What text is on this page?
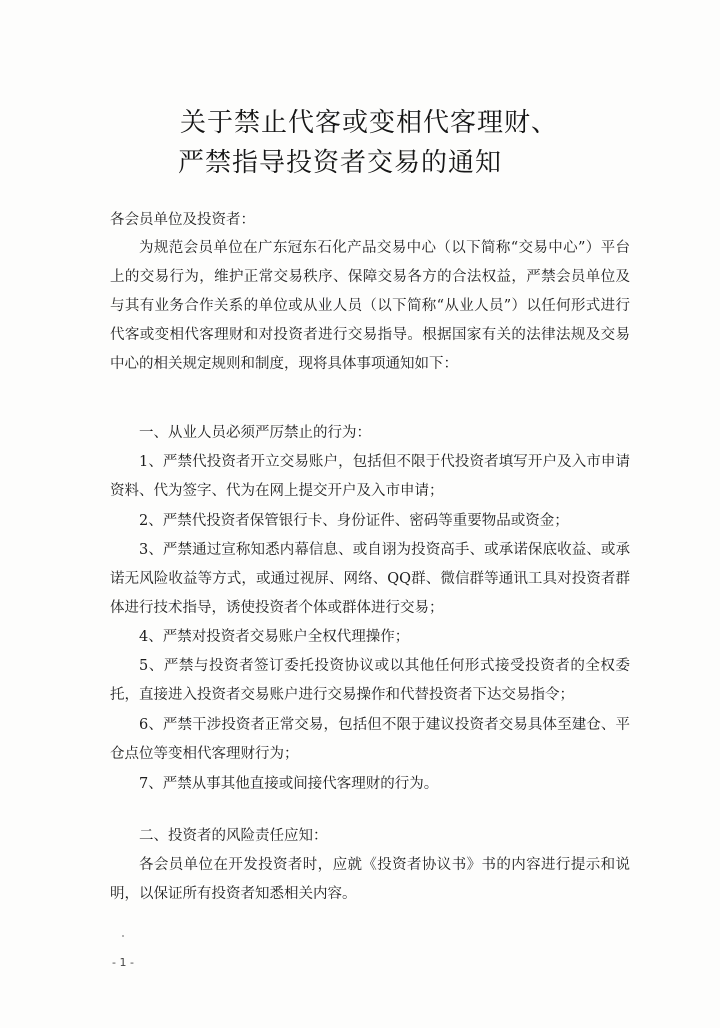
关于禁止代客或变相代客理财、
严禁指导投资者交易的通知
各会员单位及投资者：
为规范会员单位在广东冠东石化产品交易中心（以下简称“交易中心”）平台上的交易行为，维护正常交易秩序、保障交易各方的合法权益，严禁会员单位及与其有业务合作关系的单位或从业人员（以下简称“从业人员”）以任何形式进行代客或变相代客理财和对投资者进行交易指导。根据国家有关的法律法规及交易中心的相关规定规则和制度，现将具体事项通知如下：
一、从业人员必须严厉禁止的行为：
1、严禁代投资者开立交易账户，包括但不限于代投资者填写开户及入市申请资料、代为签字、代为在网上提交开户及入市申请；
2、严禁代投资者保管银行卡、身份证件、密码等重要物品或资金；
3、严禁通过宣称知悉内幕信息、或自诩为投资高手、或承诺保底收益、或承诺无风险收益等方式，或通过视屏、网络、QQ群、微信群等通讯工具对投资者群体进行技术指导，诱使投资者个体或群体进行交易；
4、严禁对投资者交易账户全权代理操作；
5、严禁与投资者签订委托投资协议或以其他任何形式接受投资者的全权委托，直接进入投资者交易账户进行交易操作和代替投资者下达交易指令；
6、严禁干涉投资者正常交易，包括但不限于建议投资者交易具体至建仓、平仓点位等变相代客理财行为；
7、严禁从事其他直接或间接代客理财的行为。
二、投资者的风险责任应知：
各会员单位在开发投资者时，应就《投资者协议书》书的内容进行提示和说明，以保证所有投资者知悉相关内容。
- 1 -
